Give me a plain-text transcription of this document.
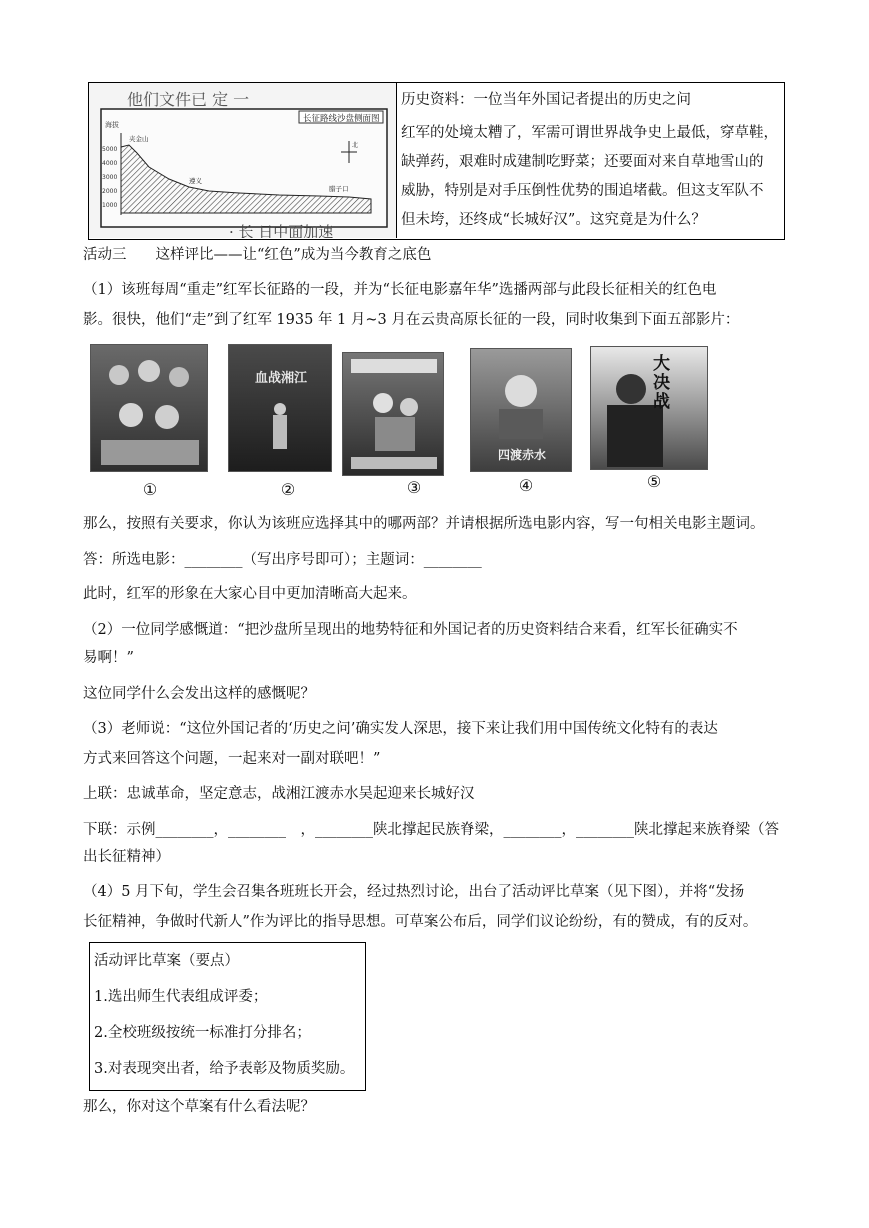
他们文件已 定 一
长征路线沙盘侧面图
海拔
5000
4000
3000
2000
1000
夹金山
遵义
腊子口
北
· 长 日中面加速
历史资料：一位当年外国记者提出的历史之问
红军的处境太糟了，军需可谓世界战争史上最低，穿草鞋，
缺弹药，艰难时成建制吃野菜；还要面对来自草地雪山的
威胁，特别是对手压倒性优势的围追堵截。但这支军队不
但未垮，还终成“长城好汉”。这究竟是为什么？
活动三　　这样评比——让“红色”成为当今教育之底色
（1）该班每周“重走”红军长征路的一段，并为“长征电影嘉年华”选播两部与此段长征相关的红色电
影。很快，他们“走”到了红军 1935 年 1 月~3 月在云贵高原长征的一段，同时收集到下面五部影片：
血战湘江
四渡赤水
大决战
①	②	③	④	⑤
那么，按照有关要求，你认为该班应选择其中的哪两部？并请根据所选电影内容，写一句相关电影主题词。
答：所选电影：________（写出序号即可）；主题词：________
此时，红军的形象在大家心目中更加清晰高大起来。
（2）一位同学感慨道：“把沙盘所呈现出的地势特征和外国记者的历史资料结合来看，红军长征确实不
易啊！”
这位同学什么会发出这样的感慨呢？
（3）老师说：“这位外国记者的‘历史之问’确实发人深思，接下来让我们用中国传统文化特有的表达
方式来回答这个问题，一起来对一副对联吧！”
上联：忠诚革命，坚定意志，战湘江渡赤水吴起迎来长城好汉
下联：示例________，________　，________陕北撑起民族脊梁，________，________陕北撑起来族脊梁（答
出长征精神）
（4）5 月下旬，学生会召集各班班长开会，经过热烈讨论，出台了活动评比草案（见下图），并将“发扬
长征精神，争做时代新人”作为评比的指导思想。可草案公布后，同学们议论纷纷，有的赞成，有的反对。
活动评比草案（要点）
1.选出师生代表组成评委；
2.全校班级按统一标准打分排名；
3.对表现突出者，给予表彰及物质奖励。
那么，你对这个草案有什么看法呢？
